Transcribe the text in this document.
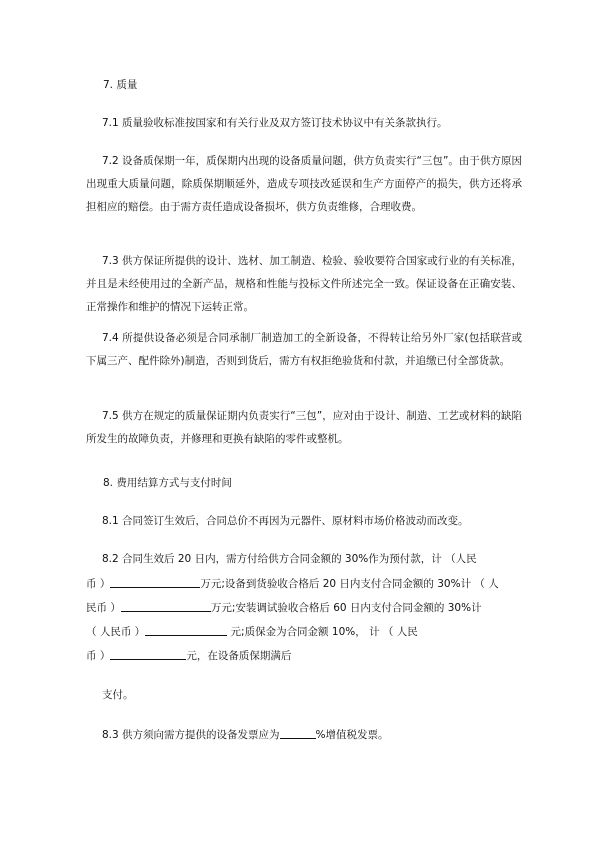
7. 质量
7.1 质量验收标准按国家和有关行业及双方签订技术协议中有关条款执行。
7.2 设备质保期一年，质保期内出现的设备质量问题，供方负责实行“三包”。由于供方原因出现重大质量问题，除质保期顺延外，造成专项技改延误和生产方面停产的损失，供方还将承担相应的赔偿。由于需方责任造成设备损坏，供方负责维修，合理收费。
7.3 供方保证所提供的设计、选材、加工制造、检验、验收要符合国家或行业的有关标准，并且是未经使用过的全新产品，规格和性能与投标文件所述完全一致。保证设备在正确安装、正常操作和维护的情况下运转正常。
7.4 所提供设备必须是合同承制厂制造加工的全新设备，不得转让给另外厂家(包括联营或下属三产、配件除外)制造，否则到货后，需方有权拒绝验货和付款，并追缴已付全部货款。
7.5 供方在规定的质量保证期内负责实行“三包”，应对由于设计、制造、工艺或材料的缺陷所发生的故障负责，并修理和更换有缺陷的零件或整机。
8. 费用结算方式与支付时间
8.1 合同签订生效后，合同总价不再因为元器件、原材料市场价格波动而改变。
8.2 合同生效后 20 日内，需方付给供方合同金额的 30%作为预付款，计 （人民
币 ）	万元;设备到货验收合格后 20 日内支付合同金额的 30%计 （ 人
民币 ）	万元;安装调试验收合格后 60 日内支付合同金额的 30%计
（ 人民币 ）	元;质保金为合同金额 10%， 计 （ 人民
币 ）	元，在设备质保期满后
支付。
8.3 供方须向需方提供的设备发票应为	%增值税发票。
